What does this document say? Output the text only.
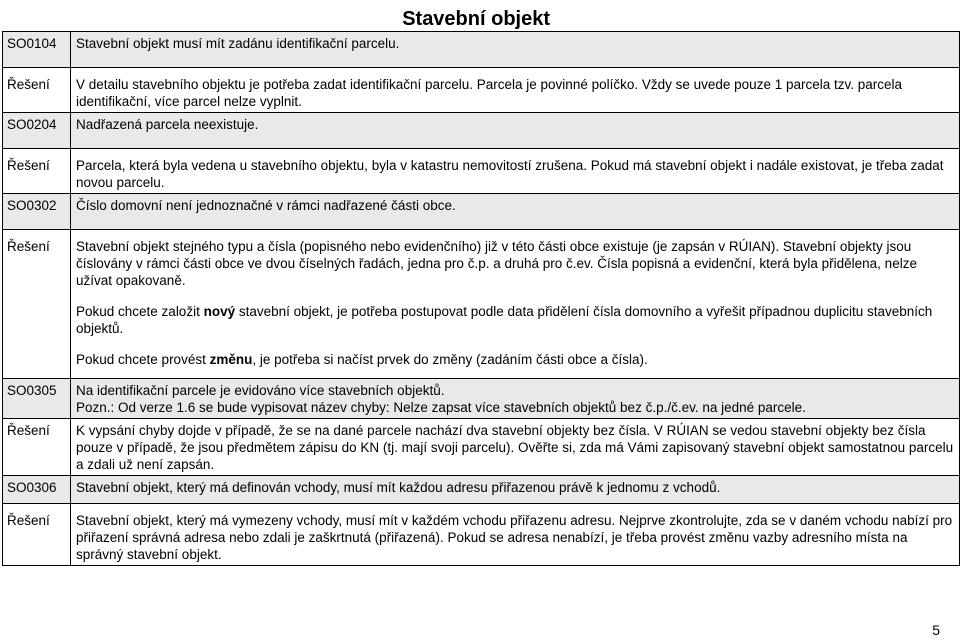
Stavební objekt
SO0104	Stavební objekt musí mít zadánu identifikační parcelu.
Řešení	V detailu stavebního objektu je potřeba zadat identifikační parcelu. Parcela je povinné políčko. Vždy se uvede pouze 1 parcela tzv. parcela identifikační, více parcel nelze vyplnit.
SO0204	Nadřazená parcela neexistuje.
Řešení	Parcela, která byla vedena u stavebního objektu, byla v katastru nemovitostí zrušena. Pokud má stavební objekt i nadále existovat, je třeba zadat novou parcelu.
SO0302	Číslo domovní není jednoznačné v rámci nadřazené části obce.
Řešení	Stavební objekt stejného typu a čísla (popisného nebo evidenčního) již v této části obce existuje (je zapsán v RÚIAN). Stavební objekty jsou číslovány v rámci části obce ve dvou číselných řadách, jedna pro č.p. a druhá pro č.ev. Čísla popisná a evidenční, která byla přidělena, nelze užívat opakovaně.

Pokud chcete založit nový stavební objekt, je potřeba postupovat podle data přidělení čísla domovního a vyřešit případnou duplicitu stavebních objektů.

Pokud chcete provést změnu, je potřeba si načíst prvek do změny (zadáním části obce a čísla).

SO0305	Na identifikační parcele je evidováno více stavebních objektů.
Pozn.: Od verze 1.6 se bude vypisovat název chyby: Nelze zapsat více stavebních objektů bez č.p./č.ev. na jedné parcele.

Řešení	K vypsání chyby dojde v případě, že se na dané parcele nachází dva stavební objekty bez čísla. V RÚIAN se vedou stavební objekty bez čísla pouze v případě, že jsou předmětem zápisu do KN (tj. mají svoji parcelu). Ověřte si, zda má Vámi zapisovaný stavební objekt samostatnou parcelu a zdali už není zapsán.
SO0306	Stavební objekt, který má definován vchody, musí mít každou adresu přiřazenou právě k jednomu z vchodů.
Řešení	Stavební objekt, který má vymezeny vchody, musí mít v každém vchodu přiřazenu adresu. Nejprve zkontrolujte, zda se v daném vchodu nabízí pro přiřazení správná adresa nebo zdali je zaškrtnutá (přiřazená). Pokud se adresa nenabízí, je třeba provést změnu vazby adresního místa na správný stavební objekt.
5
